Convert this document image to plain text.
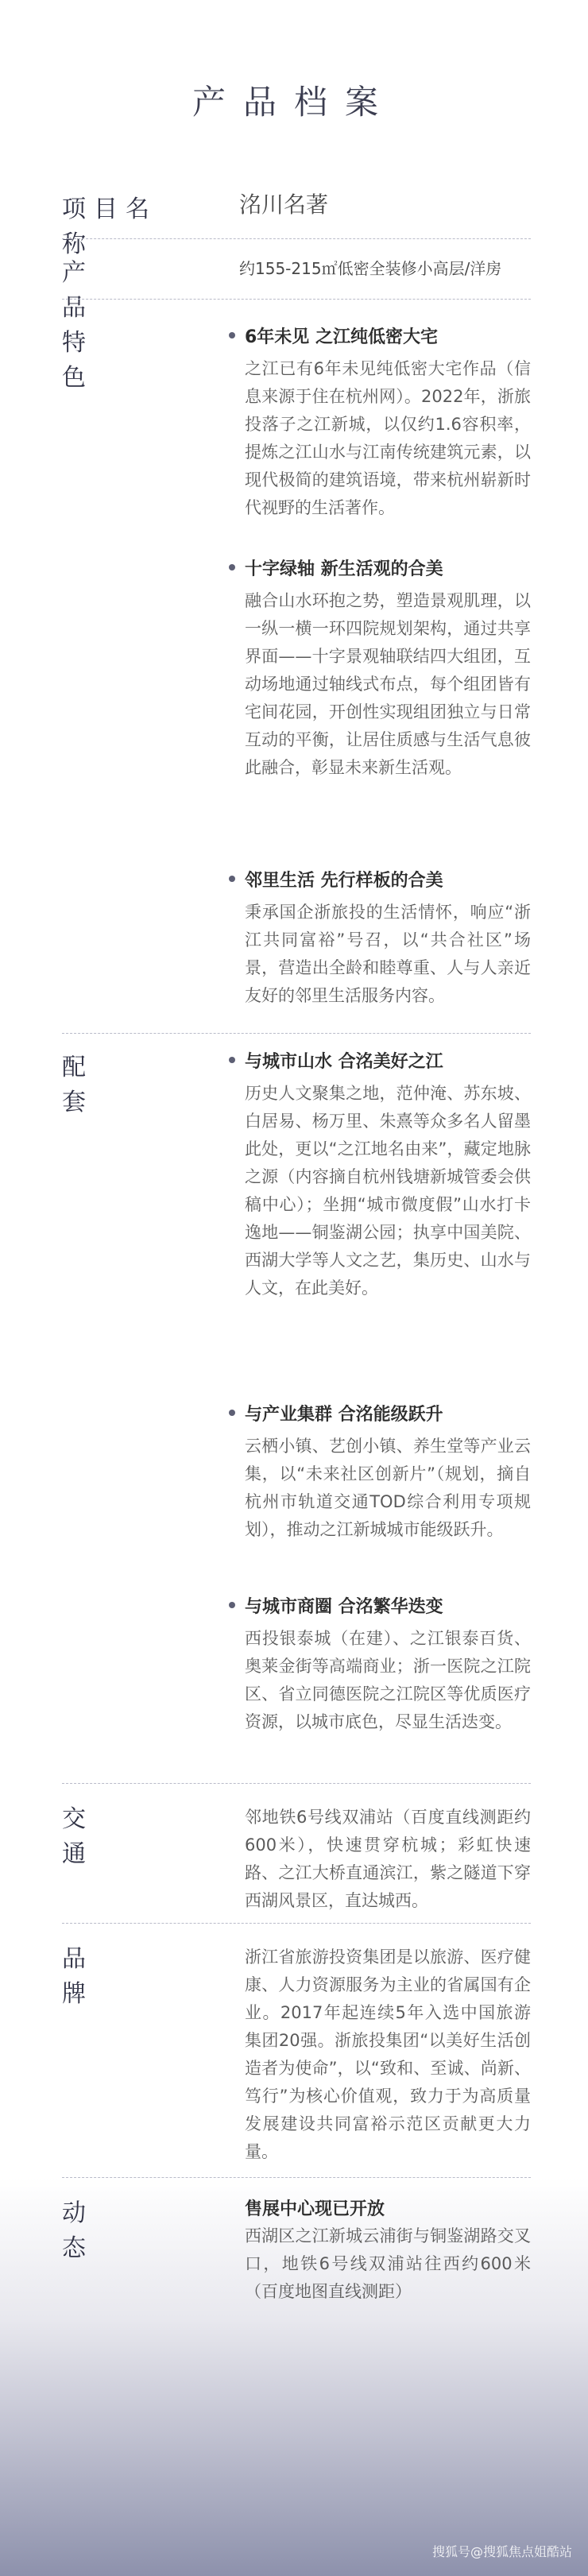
产品档案
项目名称
洺川名著
产品
约155-215㎡低密全装修小高层/洋房
特色
6年未见 之江纯低密大宅
之江已有6年未见纯低密大宅作品（信息来源于住在杭州网）。2022年，浙旅投落子之江新城，以仅约1.6容积率，提炼之江山水与江南传统建筑元素，以现代极简的建筑语境，带来杭州崭新时代视野的生活著作。
十字绿轴 新生活观的合美
融合山水环抱之势，塑造景观肌理，以一纵一横一环四院规划架构，通过共享界面——十字景观轴联结四大组团，互动场地通过轴线式布点，每个组团皆有宅间花园，开创性实现组团独立与日常互动的平衡，让居住质感与生活气息彼此融合，彰显未来新生活观。
邻里生活 先行样板的合美
秉承国企浙旅投的生活情怀，响应“浙江共同富裕”号召，以“共合社区”场景，营造出全龄和睦尊重、人与人亲近友好的邻里生活服务内容。
配套
与城市山水 合洺美好之江
历史人文聚集之地，范仲淹、苏东坡、白居易、杨万里、朱熹等众多名人留墨此处，更以“之江地名由来”，藏定地脉之源（内容摘自杭州钱塘新城管委会供稿中心）；坐拥“城市微度假”山水打卡逸地——铜鉴湖公园；执享中国美院、西湖大学等人文之艺，集历史、山水与人文，在此美好。
与产业集群 合洺能级跃升
云栖小镇、艺创小镇、养生堂等产业云集，以“未来社区创新片”（规划，摘自杭州市轨道交通TOD综合利用专项规划），推动之江新城城市能级跃升。
与城市商圈 合洺繁华迭变
西投银泰城（在建）、之江银泰百货、奥莱金街等高端商业；浙一医院之江院区、省立同德医院之江院区等优质医疗资源，以城市底色，尽显生活迭变。
交通
邻地铁6号线双浦站（百度直线测距约600米），快速贯穿杭城；彩虹快速路、之江大桥直通滨江，紫之隧道下穿西湖风景区，直达城西。
品牌
浙江省旅游投资集团是以旅游、医疗健康、人力资源服务为主业的省属国有企业。2017年起连续5年入选中国旅游集团20强。浙旅投集团“以美好生活创造者为使命”，以“致和、至诚、尚新、笃行”为核心价值观，致力于为高质量发展建设共同富裕示范区贡献更大力量。
动态
售展中心现已开放
西湖区之江新城云浦街与铜鉴湖路交叉口，地铁6号线双浦站往西约600米（百度地图直线测距）
搜狐号@搜狐焦点姐酷站
